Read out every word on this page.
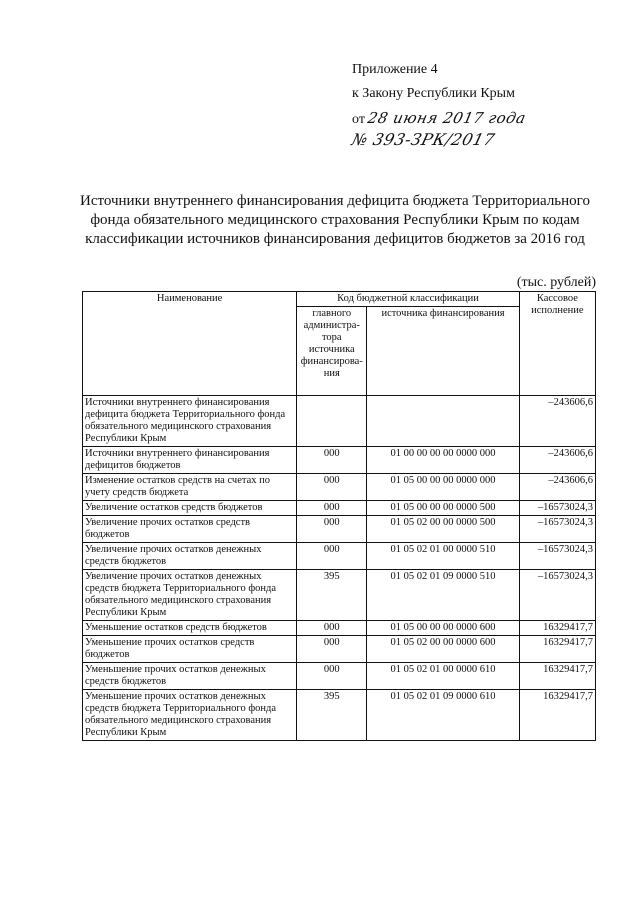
Приложение 4
к Закону Республики Крым
от 28 июня 2017 года
№ 393-ЗРК/2017
Источники внутреннего финансирования дефицита бюджета Территориального фонда обязательного медицинского страхования Республики Крым по кодам классификации источников финансирования дефицитов бюджетов за 2016 год
(тыс. рублей)
Наименование	Код бюджетной классификации		Кассовое исполнение
	главного администра-тора источника финансирова-ния	источника финансирования	
Источники внутреннего финансирования дефицита бюджета Территориального фонда обязательного медицинского страхования Республики Крым			–243606,6
Источники внутреннего финансирования дефицитов бюджетов	000	01 00 00 00 00 0000 000	–243606,6
Изменение остатков средств на счетах по учету средств бюджета	000	01 05 00 00 00 0000 000	–243606,6
Увеличение остатков средств бюджетов	000	01 05 00 00 00 0000 500	–16573024,3
Увеличение прочих остатков средств бюджетов	000	01 05 02 00 00 0000 500	–16573024,3
Увеличение прочих остатков денежных средств бюджетов	000	01 05 02 01 00 0000 510	–16573024,3
Увеличение прочих остатков денежных средств бюджета Территориального фонда обязательного медицинского страхования Республики Крым	395	01 05 02 01 09 0000 510	–16573024,3
Уменьшение остатков средств бюджетов	000	01 05 00 00 00 0000 600	16329417,7
Уменьшение прочих остатков средств бюджетов	000	01 05 02 00 00 0000 600	16329417,7
Уменьшение прочих остатков денежных средств бюджетов	000	01 05 02 01 00 0000 610	16329417,7
Уменьшение прочих остатков денежных средств бюджета Территориального фонда обязательного медицинского страхования Республики Крым	395	01 05 02 01 09 0000 610	16329417,7
